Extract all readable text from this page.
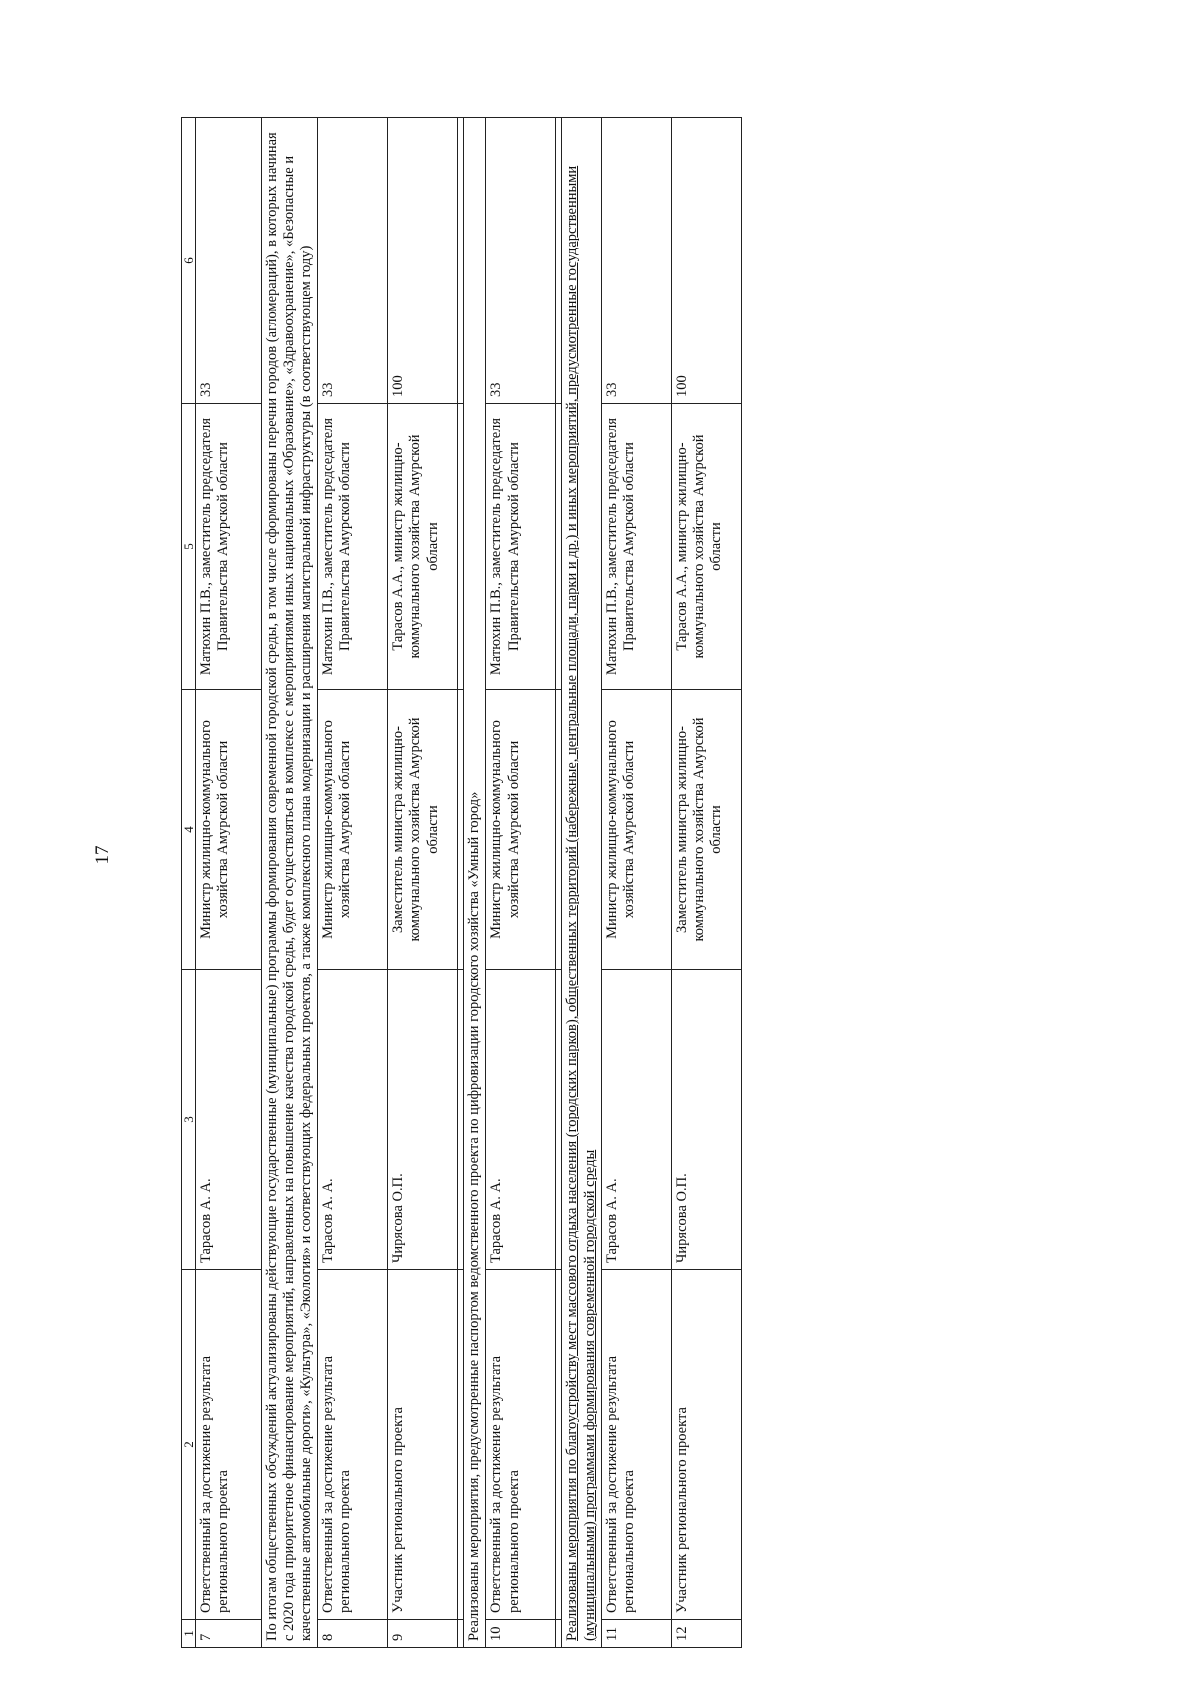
17
1	2	3	4	5	6
7	Ответственный за достижение результата регионального проекта	Тарасов А. А.	Министр жилищно-коммунального хозяйства Амурской области	Матюхин П.В., заместитель председателя Правительства Амурской области	33
По итогам общественных обсуждений актуализированы действующие государственные (муниципальные) программы формирования современной городской среды, в том числе сформированы перечни городов (агломераций), в которых начиная с 2020 года приоритетное финансирование мероприятий, направленных на повышение качества городской среды, будет осуществляться в комплексе с мероприятиями иных национальных «Образование», «Здравоохранение», «Безопасные и качественные автомобильные дороги», «Культура», «Экология» и соответствующих федеральных проектов, а также комплексного плана модернизации и расширения магистральной инфраструктуры (в соответствующем году)					
8	Ответственный за достижение результата регионального проекта	Тарасов А. А.	Министр жилищно-коммунального хозяйства Амурской области	Матюхин П.В., заместитель председателя Правительства Амурской области	33
9	Участник регионального проекта	Чирясова О.П.	Заместитель министра жилищно-коммунального хозяйства Амурской области	Тарасов А.А., министр жилищно-коммунального хозяйства Амурской области	100

Реализованы мероприятия, предусмотренные паспортом ведомственного проекта по цифровизации городского хозяйства «Умный город»					
10	Ответственный за достижение результата регионального проекта	Тарасов А. А.	Министр жилищно-коммунального хозяйства Амурской области	Матюхин П.В., заместитель председателя Правительства Амурской области	33

Реализованы мероприятия по благоустройству мест массового отдыха населения (городских парков), общественных территорий (набережные, центральные площади, парки и др.) и иных мероприятий, предусмотренные государственными (муниципальными) программами формирования современной городской среды					
11	Ответственный за достижение результата регионального проекта	Тарасов А. А.	Министр жилищно-коммунального хозяйства Амурской области	Матюхин П.В., заместитель председателя Правительства Амурской области	33
12	Участник регионального проекта	Чирясова О.П.	Заместитель министра жилищно-коммунального хозяйства Амурской области	Тарасов А.А., министр жилищно-коммунального хозяйства Амурской области	100
